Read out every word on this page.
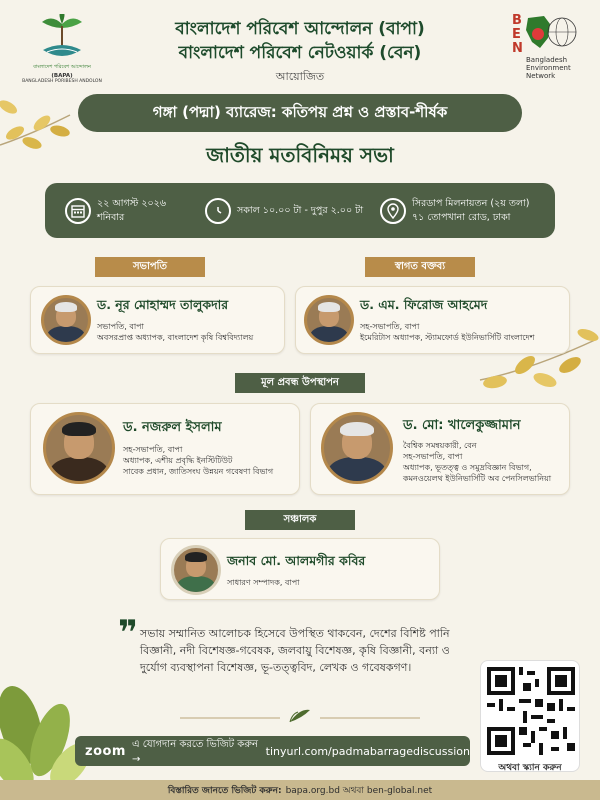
বাংলাদেশ পরিবেশ আন্দোলন
(BAPA)
BANGLADESH PORIBESH ANDOLON
বাংলাদেশ পরিবেশ আন্দোলন (বাপা)
বাংলাদেশ পরিবেশ নেটওয়ার্ক (বেন)
আয়োজিত
B
E
N
Bangladesh Environment Network
গঙ্গা (পদ্মা) ব্যারেজ: কতিপয় প্রশ্ন ও প্রস্তাব-শীর্ষক
জাতীয় মতবিনিময় সভা
২২ আগস্ট ২০২৬
শনিবার
সকাল ১০.০০ টা - দুপুর ২.০০ টা
সিরডাপ মিলনায়তন (২য় তলা)
৭১ তোপখানা রোড, ঢাকা
সভাপতি	স্বাগত বক্তব্য
ড. নূর মোহাম্মদ তালুকদার
সভাপতি, বাপা
অবসরপ্রাপ্ত অধ্যাপক, বাংলাদেশ কৃষি বিশ্ববিদ্যালয়
ড. এম. ফিরোজ আহমেদ
সহ-সভাপতি, বাপা
ইমেরিটাস অধ্যাপক, স্ট্যামফোর্ড ইউনিভার্সিটি বাংলাদেশ
মূল প্রবন্ধ উপস্থাপন
ড. নজরুল ইসলাম
সহ-সভাপতি, বাপা
অধ্যাপক, এশীয় প্রবৃদ্ধি ইনস্টিটিউট
সাবেক প্রধান, জাতিসংঘ উন্নয়ন গবেষণা বিভাগ
ড. মো: খালেকুজ্জামান
বৈশ্বিক সমন্বয়কারী, বেন
সহ-সভাপতি, বাপা
অধ্যাপক, ভূতত্ত্ব ও সমুদ্রবিজ্ঞান বিভাগ,
কমনওয়েলথ ইউনিভার্সিটি অব পেনসিলভানিয়া
সঞ্চালক
জনাব মো. আলমগীর কবির
সাধারণ সম্পাদক, বাপা
❞ সভায় সম্মানিত আলোচক হিসেবে উপস্থিত থাকবেন, দেশের বিশিষ্ট পানি বিজ্ঞানী, নদী বিশেষজ্ঞ-গবেষক, জলবায়ু বিশেষজ্ঞ, কৃষি বিজ্ঞানী, বন্যা ও দুর্যোগ ব্যবস্থাপনা বিশেষজ্ঞ, ভূ-তত্ত্ববিদ, লেখক ও গবেষকগণ।
zoom এ যোগদান করতে ভিজিট করুন →
tinyurl.com/padmabarragediscussion
অথবা স্ক্যান করুন
বিস্তারিত জানতে ভিজিট করুন: bapa.org.bd অথবা ben-global.net
